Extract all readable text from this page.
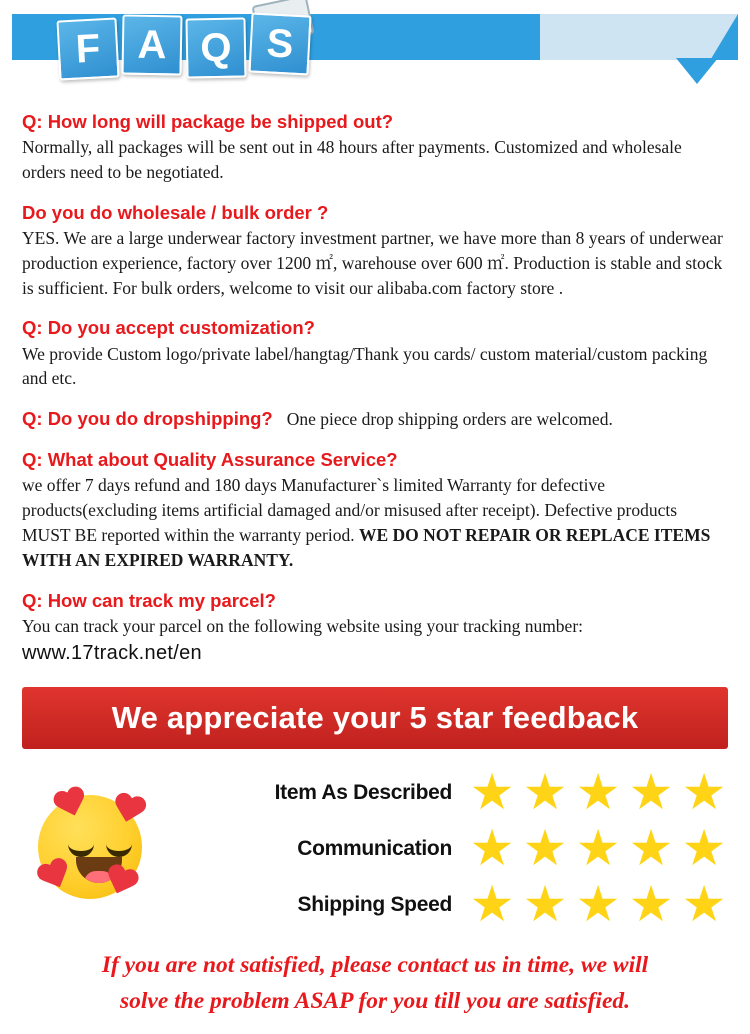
F A Q S

Q: How long will package be shipped out?

Normally, all packages will be sent out in 48 hours after payments. Customized and wholesale orders need to be negotiated.

Do you do wholesale / bulk order ?

YES. We are a large underwear factory investment partner, we have more than 8 years of underwear production experience, factory over 1200 ㎡, warehouse over 600 ㎡. Production is stable and stock is sufficient. For bulk orders, welcome to visit our alibaba.com factory store .

Q: Do you accept customization?

We provide Custom logo/private label/hangtag/Thank you cards/ custom material/custom packing and etc.

Q: Do you do dropshipping? One piece drop shipping orders are welcomed.

Q: What about Quality Assurance Service?

we offer 7 days refund and 180 days Manufacturer`s limited Warranty for defective products(excluding items artificial damaged and/or misused after receipt). Defective products MUST BE reported within the warranty period. WE DO NOT REPAIR OR REPLACE ITEMS WITH AN EXPIRED WARRANTY.

Q: How can track my parcel?

You can track your parcel on the following website using your tracking number:

www.17track.net/en

We appreciate your 5 star feedback
Item As Described ★ ★ ★ ★ ★
Communication ★ ★ ★ ★ ★
Shipping Speed ★ ★ ★ ★ ★
If you are not satisfied, please contact us in time, we will
solve the problem ASAP for you till you are satisfied.
